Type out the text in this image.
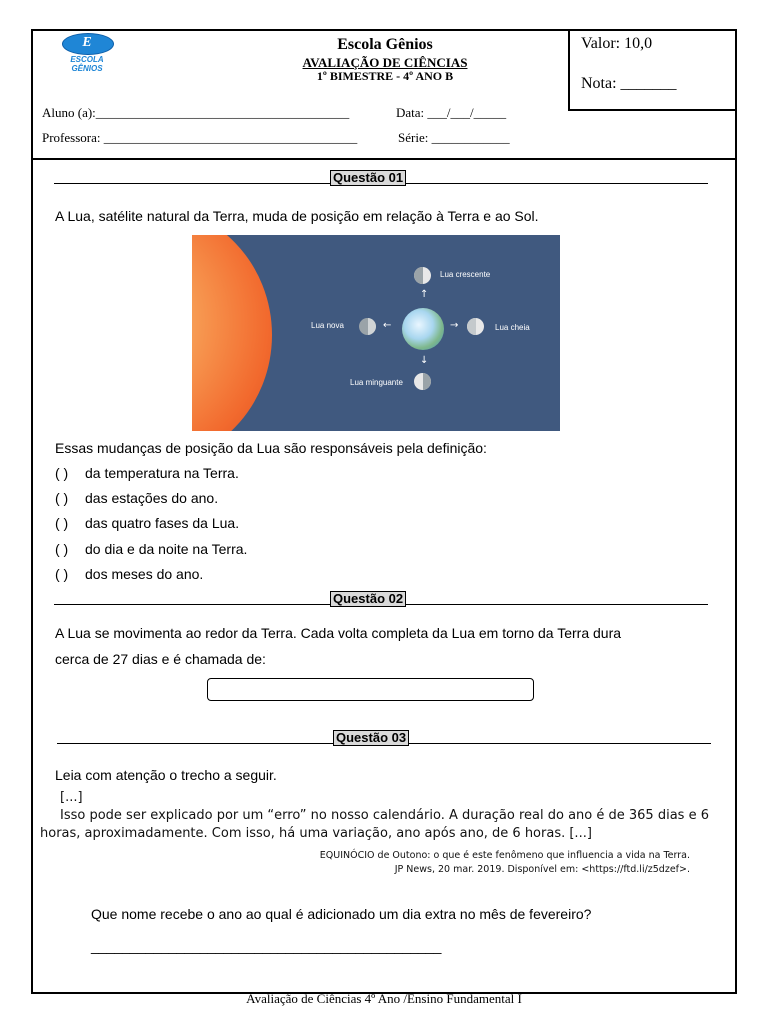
E
ESCOLA
GÊNIOS
Escola Gênios
AVALIAÇÃO DE CIÊNCIAS
1º BIMESTRE - 4º ANO B
Valor: 10,0
Nota: _______
Aluno (a):_______________________________________	Data: ___/___/_____
Professora: _______________________________________	Série: ____________
Questão 01
A Lua, satélite natural da Terra, muda de posição em relação à Terra e ao Sol.
Lua crescente
↑
Lua nova	←	Lua cheia
→
Lua minguante
↓
Essas mudanças de posição da Lua são responsáveis pela definição:
( ) da temperatura na Terra.
( ) das estações do ano.
( ) das quatro fases da Lua.
( ) do dia e da noite na Terra.
( ) dos meses do ano.
Questão 02
A Lua se movimenta ao redor da Terra. Cada volta completa da Lua em torno da Terra dura
cerca de 27 dias e é chamada de:
Questão 03
Leia com atenção o trecho a seguir.
[...]
Isso pode ser explicado por um “erro” no nosso calendário. A duração real do ano é de 365 dias e 6
horas, aproximadamente. Com isso, há uma variação, ano após ano, de 6 horas. [...]
EQUINÓCIO de Outono: o que é este fenômeno que influencia a vida na Terra.
JP News, 20 mar. 2019. Disponível em: <https://ftd.li/z5dzef>.
Que nome recebe o ano ao qual é adicionado um dia extra no mês de fevereiro?
_____________________________________________
Avaliação de Ciências 4º Ano /Ensino Fundamental I
